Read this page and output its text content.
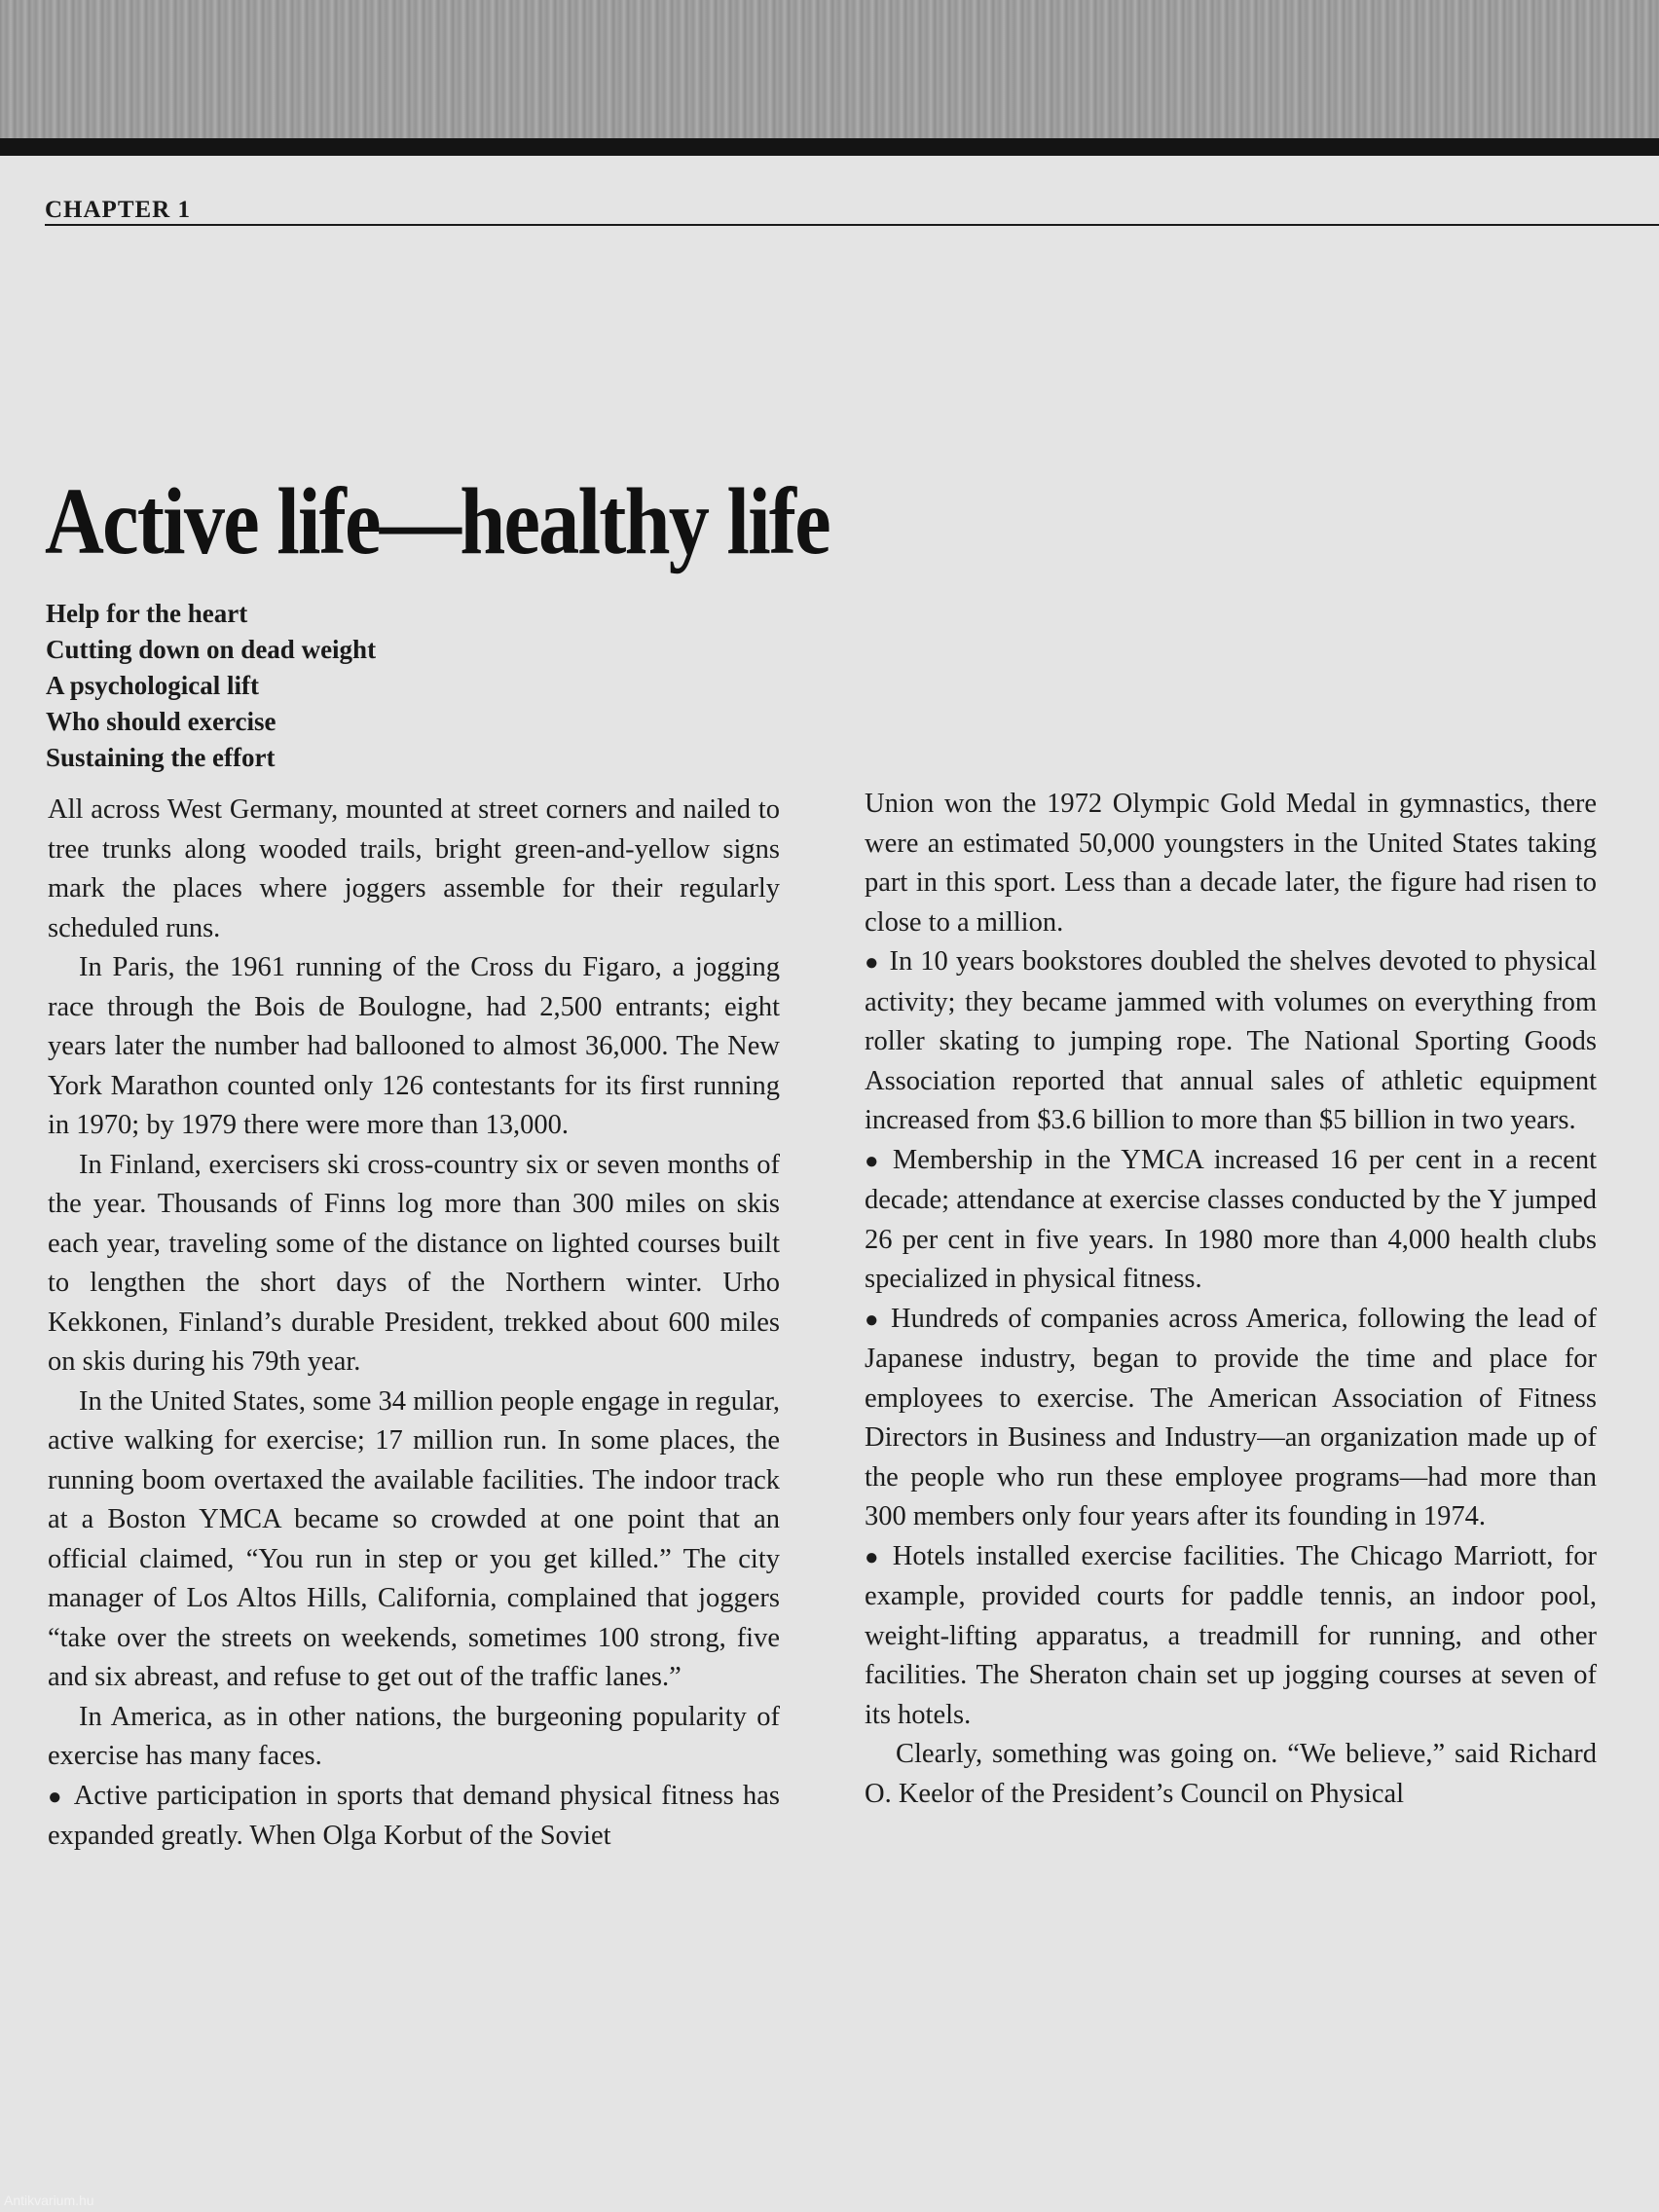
CHAPTER 1
Active life—healthy life
Help for the heart
Cutting down on dead weight
A psychological lift
Who should exercise
Sustaining the effort

All across West Germany, mounted at street corners and nailed to tree trunks along wooded trails, bright green-and-yellow signs mark the places where joggers assemble for their regularly scheduled runs.

In Paris, the 1961 running of the Cross du Figaro, a jogging race through the Bois de Boulogne, had 2,500 entrants; eight years later the number had ballooned to almost 36,000. The New York Marathon counted only 126 contestants for its first running in 1970; by 1979 there were more than 13,000.

In Finland, exercisers ski cross-country six or seven months of the year. Thousands of Finns log more than 300 miles on skis each year, traveling some of the distance on lighted courses built to lengthen the short days of the Northern winter. Urho Kekkonen, Finland’s durable President, trekked about 600 miles on skis during his 79th year.

In the United States, some 34 million people engage in regular, active walking for exercise; 17 million run. In some places, the running boom overtaxed the available facilities. The indoor track at a Boston YMCA became so crowded at one point that an official claimed, “You run in step or you get killed.” The city manager of Los Altos Hills, California, complained that joggers “take over the streets on weekends, sometimes 100 strong, five and six abreast, and refuse to get out of the traffic lanes.”

In America, as in other nations, the burgeoning popularity of exercise has many faces.

● Active participation in sports that demand physical fitness has expanded greatly. When Olga Korbut of the Soviet

Union won the 1972 Olympic Gold Medal in gymnastics, there were an estimated 50,000 youngsters in the United States taking part in this sport. Less than a decade later, the figure had risen to close to a million.

● In 10 years bookstores doubled the shelves devoted to physical activity; they became jammed with volumes on everything from roller skating to jumping rope. The National Sporting Goods Association reported that annual sales of athletic equipment increased from $3.6 billion to more than $5 billion in two years.

● Membership in the YMCA increased 16 per cent in a recent decade; attendance at exercise classes conducted by the Y jumped 26 per cent in five years. In 1980 more than 4,000 health clubs specialized in physical fitness.

● Hundreds of companies across America, following the lead of Japanese industry, began to provide the time and place for employees to exercise. The American Association of Fitness Directors in Business and Industry—an organization made up of the people who run these employee programs—had more than 300 members only four years after its founding in 1974.

● Hotels installed exercise facilities. The Chicago Marriott, for example, provided courts for paddle tennis, an indoor pool, weight-lifting apparatus, a treadmill for running, and other facilities. The Sheraton chain set up jogging courses at seven of its hotels.

Clearly, something was going on. “We believe,” said Richard O. Keelor of the President’s Council on Physical

Antikvarium.hu
